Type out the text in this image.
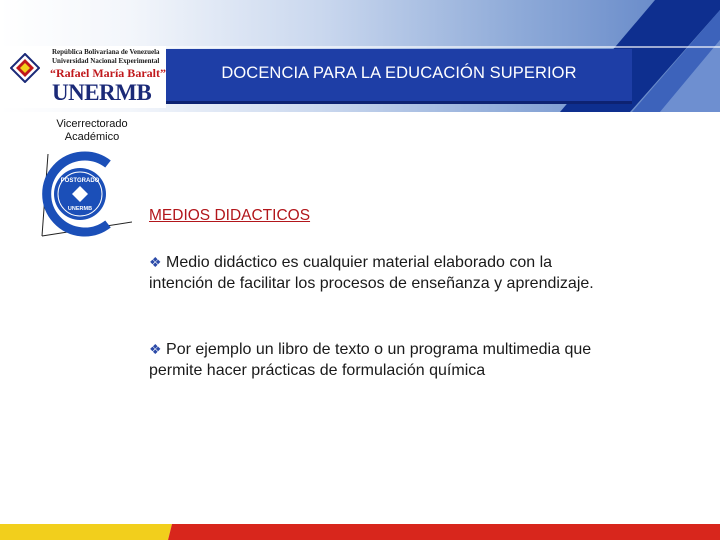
DOCENCIA PARA LA EDUCACIÓN SUPERIOR
República Bolivariana de Venezuela
Universidad Nacional Experimental
“Rafael María Baralt”
UNERMB
Vicerrectorado
Académico
POSTGRADO
UNERMB	MEDIOS DIDACTICOS
❖ Medio didáctico es cualquier material elaborado con la intención de facilitar los procesos de enseñanza y aprendizaje.
❖ Por ejemplo un libro de texto o un programa multimedia que permite hacer prácticas de formulación química
